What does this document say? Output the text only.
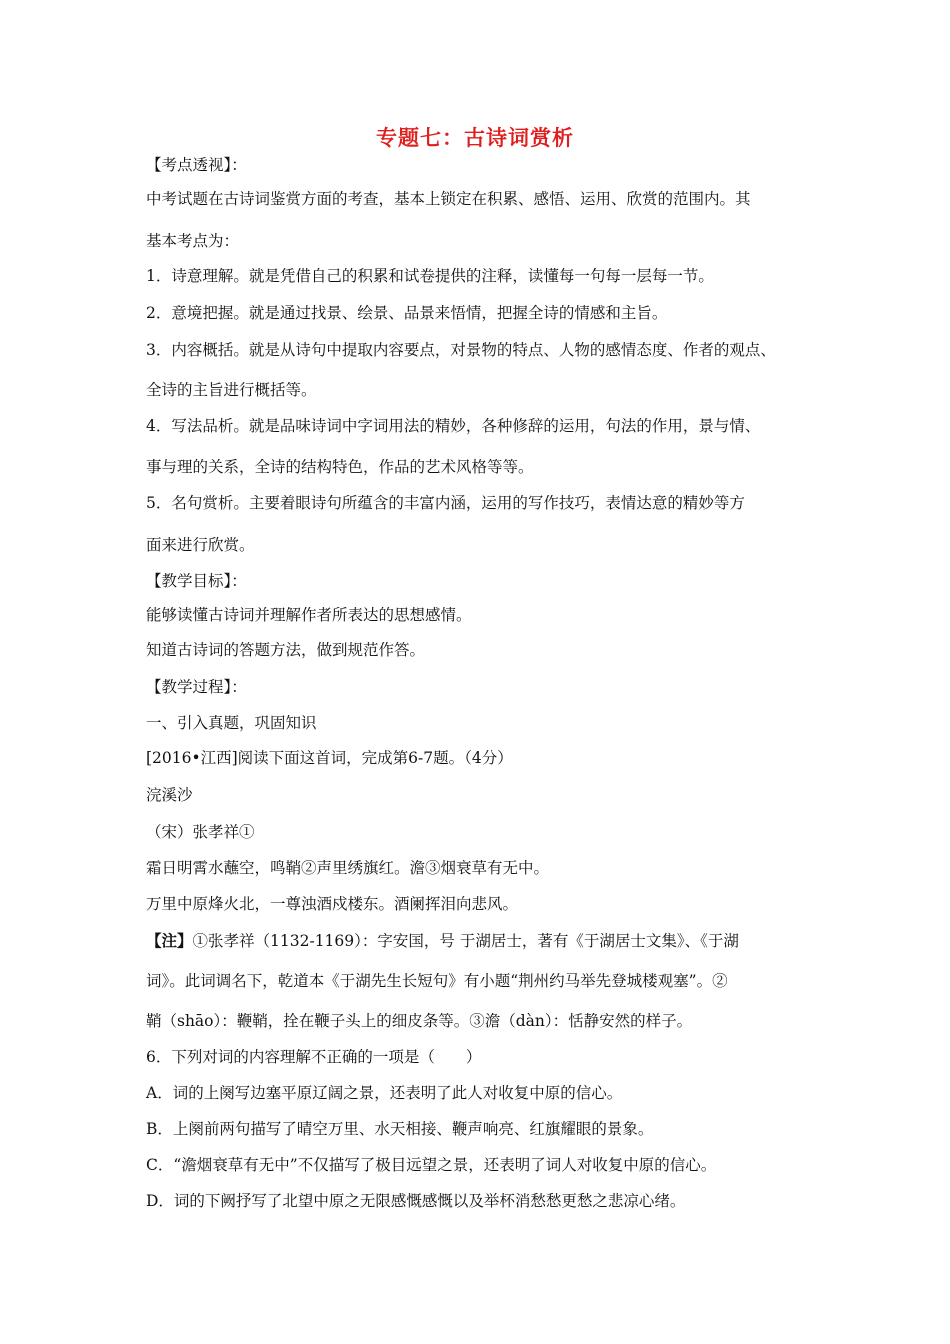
专题七：古诗词赏析
【考点透视】：
中考试题在古诗词鉴赏方面的考查，基本上锁定在积累、感悟、运用、欣赏的范围内。其
基本考点为：
1．诗意理解。就是凭借自己的积累和试卷提供的注释，读懂每一句每一层每一节。
2．意境把握。就是通过找景、绘景、品景来悟情，把握全诗的情感和主旨。
3．内容概括。就是从诗句中提取内容要点，对景物的特点、人物的感情态度、作者的观点、
全诗的主旨进行概括等。
4．写法品析。就是品味诗词中字词用法的精妙，各种修辞的运用，句法的作用，景与情、
事与理的关系，全诗的结构特色，作品的艺术风格等等。
5．名句赏析。主要着眼诗句所蕴含的丰富内涵，运用的写作技巧，表情达意的精妙等方
面来进行欣赏。
【教学目标】：
能够读懂古诗词并理解作者所表达的思想感情。
知道古诗词的答题方法，做到规范作答。
【教学过程】：
一、引入真题，巩固知识
[2016•江西]阅读下面这首词，完成第6-7题。（4分）
浣溪沙
（宋）张孝祥①
霜日明霄水蘸空，鸣鞘②声里绣旗红。澹③烟衰草有无中。
万里中原烽火北，一尊浊酒戍楼东。酒阑挥泪向悲风。
【注】①张孝祥（1132-1169）：字安国，号 于湖居士，著有《于湖居士文集》、《于湖
词》。此词调名下，乾道本《于湖先生长短句》有小题“荆州约马举先登城楼观塞”。②
鞘（shāo）：鞭鞘，拴在鞭子头上的细皮条等。③澹（dàn）：恬静安然的样子。
6．下列对词的内容理解不正确的一项是（　　）
A．词的上阕写边塞平原辽阔之景，还表明了此人对收复中原的信心。
B．上阕前两句描写了晴空万里、水天相接、鞭声响亮、红旗耀眼的景象。
C．“澹烟衰草有无中”不仅描写了极目远望之景，还表明了词人对收复中原的信心。
D．词的下阙抒写了北望中原之无限感慨感慨以及举杯消愁愁更愁之悲凉心绪。
